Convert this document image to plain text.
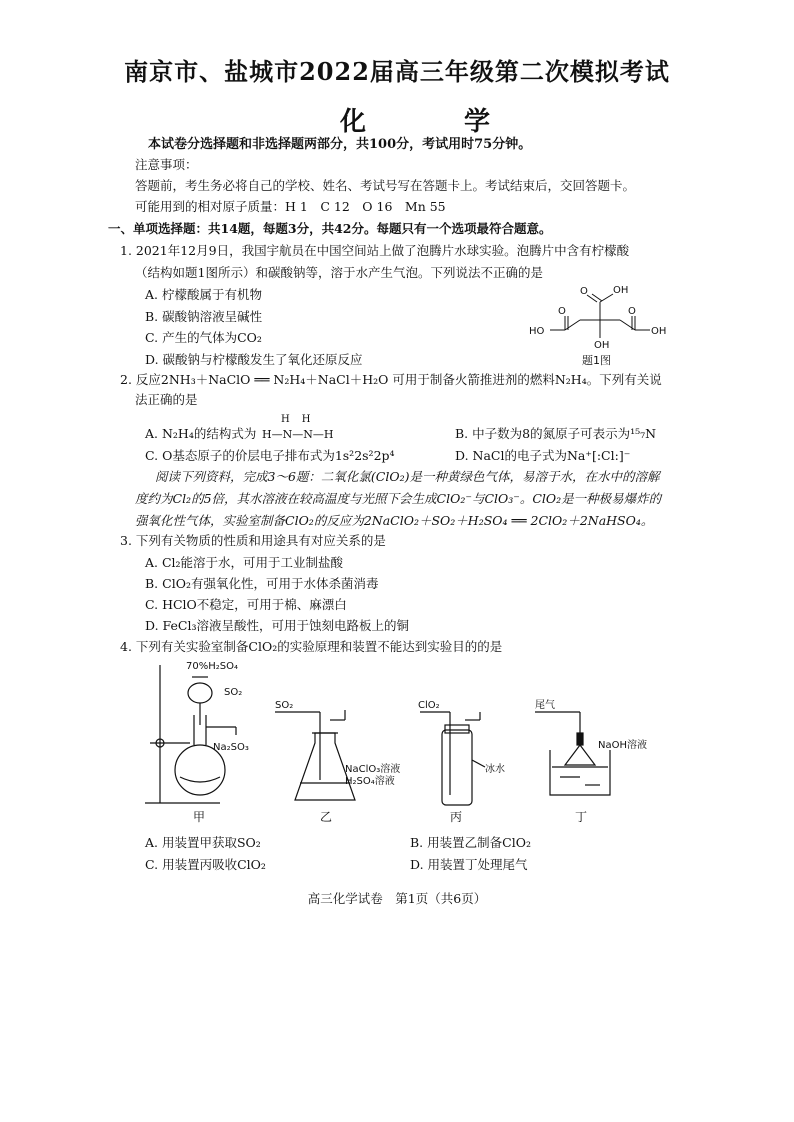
南京市、盐城市2022届高三年级第二次模拟考试
化　学
本试卷分选择题和非选择题两部分，共100分，考试用时75分钟。
注意事项：
答题前，考生务必将自己的学校、姓名、考试号写在答题卡上。考试结束后，交回答题卡。
可能用到的相对原子质量：H 1　C 12　O 16　Mn 55
一、单项选择题：共14题，每题3分，共42分。每题只有一个选项最符合题意。
1. 2021年12月9日，我国宇航员在中国空间站上做了泡腾片水球实验。泡腾片中含有柠檬酸
（结构如题1图所示）和碳酸钠等，溶于水产生气泡。下列说法不正确的是
A. 柠檬酸属于有机物
B. 碳酸钠溶液呈碱性
C. 产生的气体为CO₂
D. 碳酸钠与柠檬酸发生了氧化还原反应
OH
O
O	O
HO	OH
OH
题1图
2. 反应2NH₃＋NaClO ══ N₂H₄＋NaCl＋H₂O 可用于制备火箭推进剂的燃料N₂H₄。下列有关说
法正确的是
A. N₂H₄的结构式为
HH
H—N—N—H	B. 中子数为8的氮原子可表示为¹⁵₇N
C. O基态原子的价层电子排布式为1s²2s²2p⁴	D. NaCl的电子式为Na⁺[:Cl:]⁻
阅读下列资料，完成3～6题：二氧化氯(ClO₂)是一种黄绿色气体，易溶于水，在水中的溶解
度约为Cl₂的5倍，其水溶液在较高温度与光照下会生成ClO₂⁻与ClO₃⁻。ClO₂是一种极易爆炸的
强氧化性气体，实验室制备ClO₂的反应为2NaClO₂＋SO₂＋H₂SO₄ ══ 2ClO₂＋2NaHSO₄。
3. 下列有关物质的性质和用途具有对应关系的是
A. Cl₂能溶于水，可用于工业制盐酸
B. ClO₂有强氧化性，可用于水体杀菌消毒
C. HClO不稳定，可用于棉、麻漂白
D. FeCl₃溶液呈酸性，可用于蚀刻电路板上的铜
4. 下列有关实验室制备ClO₂的实验原理和装置不能达到实验目的的是
70%H₂SO₄
SO₂
Na₂SO₃
甲
SO₂
NaClO₃溶液
H₂SO₄溶液
乙
ClO₂
冰水
丙
尾气
NaOH溶液
丁
A. 用装置甲获取SO₂	B. 用装置乙制备ClO₂
C. 用装置丙吸收ClO₂	D. 用装置丁处理尾气
高三化学试卷　第1页（共6页）
